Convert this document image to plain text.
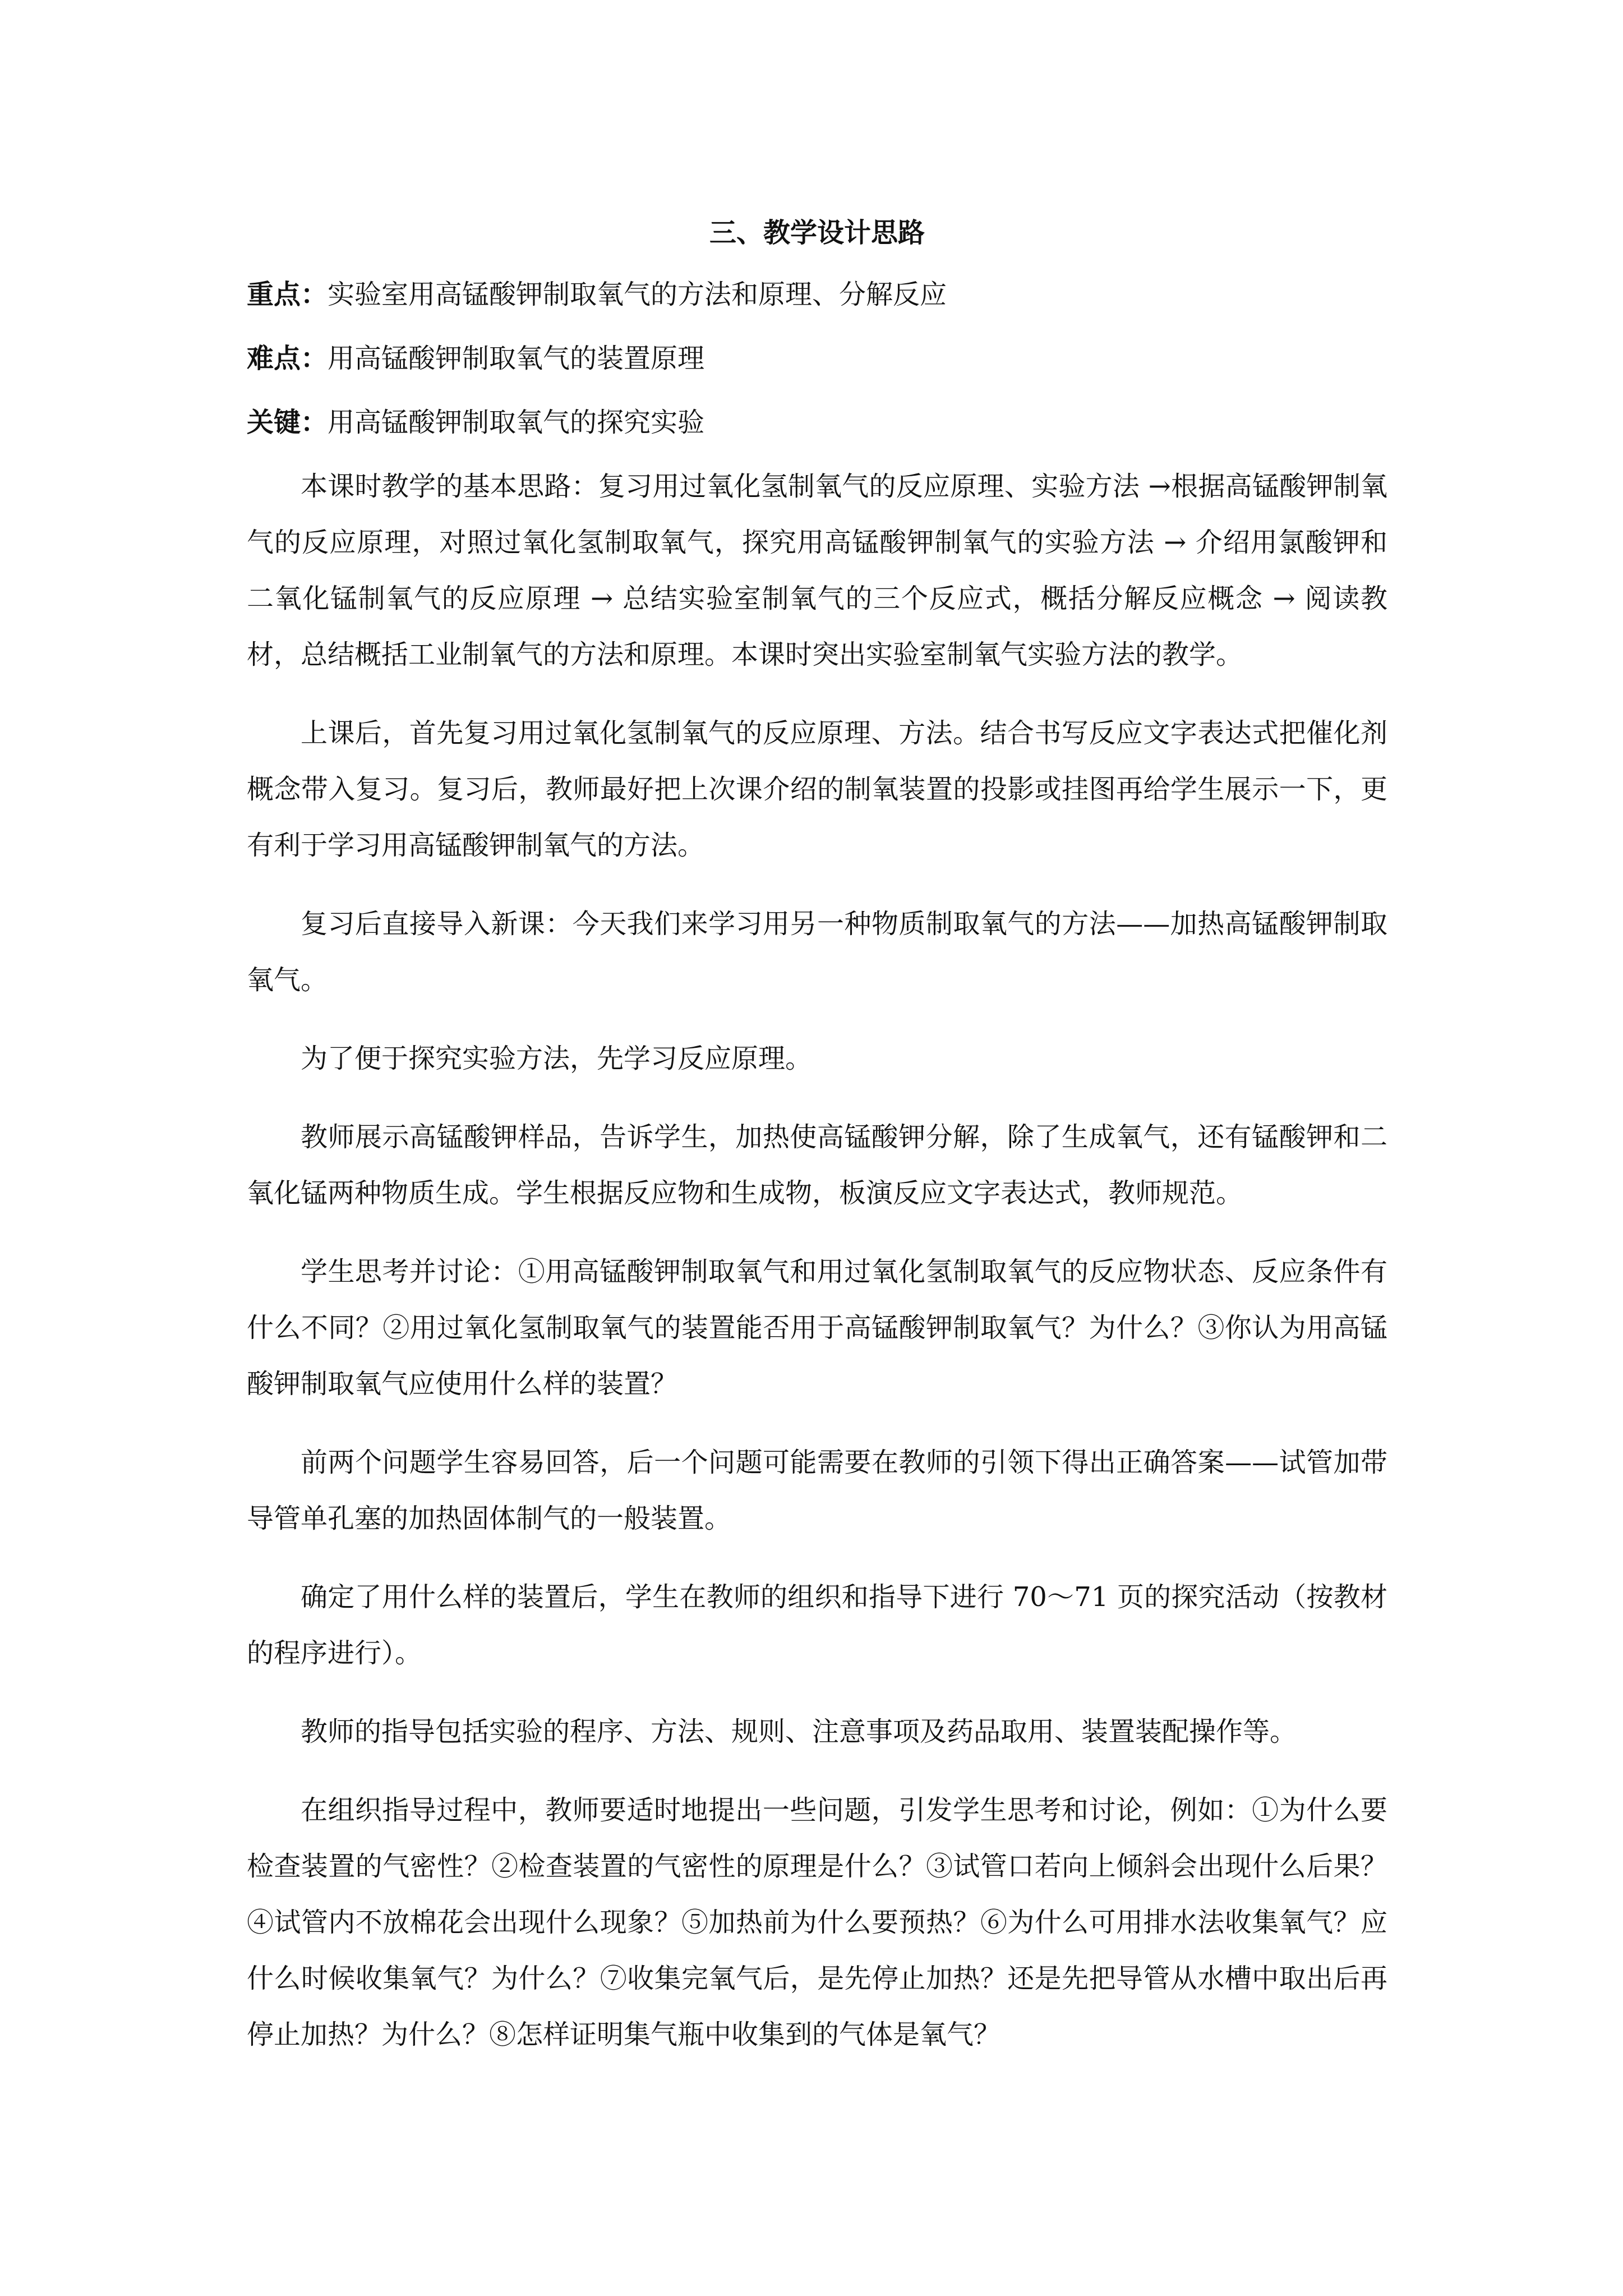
三、教学设计思路
重点：实验室用高锰酸钾制取氧气的方法和原理、分解反应
难点：用高锰酸钾制取氧气的装置原理
关键：用高锰酸钾制取氧气的探究实验

本课时教学的基本思路：复习用过氧化氢制氧气的反应原理、实验方法 →根据高锰酸钾制氧气的反应原理，对照过氧化氢制取氧气，探究用高锰酸钾制氧气的实验方法 → 介绍用氯酸钾和二氧化锰制氧气的反应原理 → 总结实验室制氧气的三个反应式，概括分解反应概念 → 阅读教材，总结概括工业制氧气的方法和原理。本课时突出实验室制氧气实验方法的教学。

上课后，首先复习用过氧化氢制氧气的反应原理、方法。结合书写反应文字表达式把催化剂概念带入复习。复习后，教师最好把上次课介绍的制氧装置的投影或挂图再给学生展示一下，更有利于学习用高锰酸钾制氧气的方法。

复习后直接导入新课：今天我们来学习用另一种物质制取氧气的方法——加热高锰酸钾制取氧气。

为了便于探究实验方法，先学习反应原理。

教师展示高锰酸钾样品，告诉学生，加热使高锰酸钾分解，除了生成氧气，还有锰酸钾和二氧化锰两种物质生成。学生根据反应物和生成物，板演反应文字表达式，教师规范。

学生思考并讨论：①用高锰酸钾制取氧气和用过氧化氢制取氧气的反应物状态、反应条件有什么不同？②用过氧化氢制取氧气的装置能否用于高锰酸钾制取氧气？为什么？③你认为用高锰酸钾制取氧气应使用什么样的装置？

前两个问题学生容易回答，后一个问题可能需要在教师的引领下得出正确答案——试管加带导管单孔塞的加热固体制气的一般装置。

确定了用什么样的装置后，学生在教师的组织和指导下进行 70～71 页的探究活动（按教材的程序进行）。

教师的指导包括实验的程序、方法、规则、注意事项及药品取用、装置装配操作等。

在组织指导过程中，教师要适时地提出一些问题，引发学生思考和讨论，例如：①为什么要检查装置的气密性？②检查装置的气密性的原理是什么？③试管口若向上倾斜会出现什么后果？④试管内不放棉花会出现什么现象？⑤加热前为什么要预热？⑥为什么可用排水法收集氧气？应什么时候收集氧气？为什么？⑦收集完氧气后，是先停止加热？还是先把导管从水槽中取出后再停止加热？为什么？⑧怎样证明集气瓶中收集到的气体是氧气？
